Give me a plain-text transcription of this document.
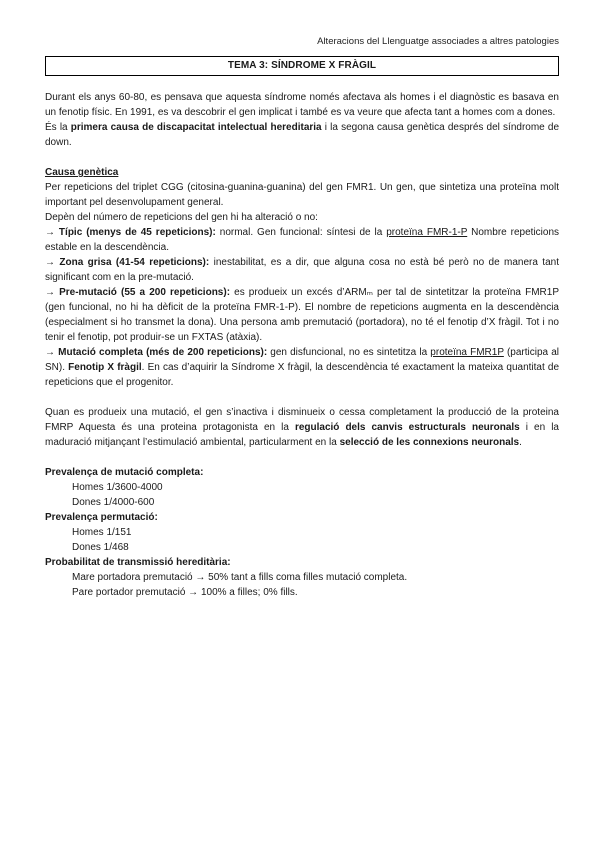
Alteracions del Llenguatge associades a altres patologies
TEMA 3: SÍNDROME X FRÀGIL

Durant els anys 60-80, es pensava que aquesta síndrome només afectava als homes i el diagnòstic es basava en un fenotip físic. En 1991, es va descobrir el gen implicat i també es va veure que afecta tant a homes com a dones.

És la primera causa de discapacitat intelectual hereditaria i la segona causa genètica després del síndrome de down.

Causa genètica

Per repeticions del triplet CGG (citosina-guanina-guanina) del gen FMR1. Un gen, que sintetiza una proteïna molt important pel desenvolupament general.

Depèn del número de repeticions del gen hi ha alteració o no:

→ Típic (menys de 45 repeticions): normal. Gen funcional: síntesi de la proteïna FMR-1-P Nombre repeticions estable en la descendència.

→ Zona grisa (41-54 repeticions): inestabilitat, es a dir, que alguna cosa no està bé però no de manera tant significant com en la pre-mutació.

→ Pre-mutació (55 a 200 repeticions): es produeix un excés d’ARMₘ per tal de sintetitzar la proteïna FMR1P (gen funcional, no hi ha dèficit de la proteïna FMR-1-P). El nombre de repeticions augmenta en la descendència (especialment si ho transmet la dona). Una persona amb premutació (portadora), no té el fenotip d’X fràgil. Tot i no tenir el fenotip, pot produir-se un FXTAS (atàxia).

→ Mutació completa (més de 200 repeticions): gen disfuncional, no es sintetitza la proteïna FMR1P (participa al SN). Fenotip X fràgil. En cas d’aquirir la Síndrome X fràgil, la descendència té exactament la mateixa quantitat de repeticions que el progenitor.

Quan es produeix una mutació, el gen s’inactiva i disminueix o cessa completament la producció de la proteina FMRP Aquesta és una proteina protagonista en la regulació dels canvis estructurals neuronals i en la maduració mitjançant l’estimulació ambiental, particularment en la selecció de les connexions neuronals.

Prevalença de mutació completa:

Homes 1/3600-4000

Dones 1/4000-600

Prevalença permutació:

Homes 1/151

Dones 1/468

Probabilitat de transmissió hereditària:

Mare portadora premutació → 50% tant a fills coma filles mutació completa.

Pare portador premutació → 100% a filles; 0% fills.
